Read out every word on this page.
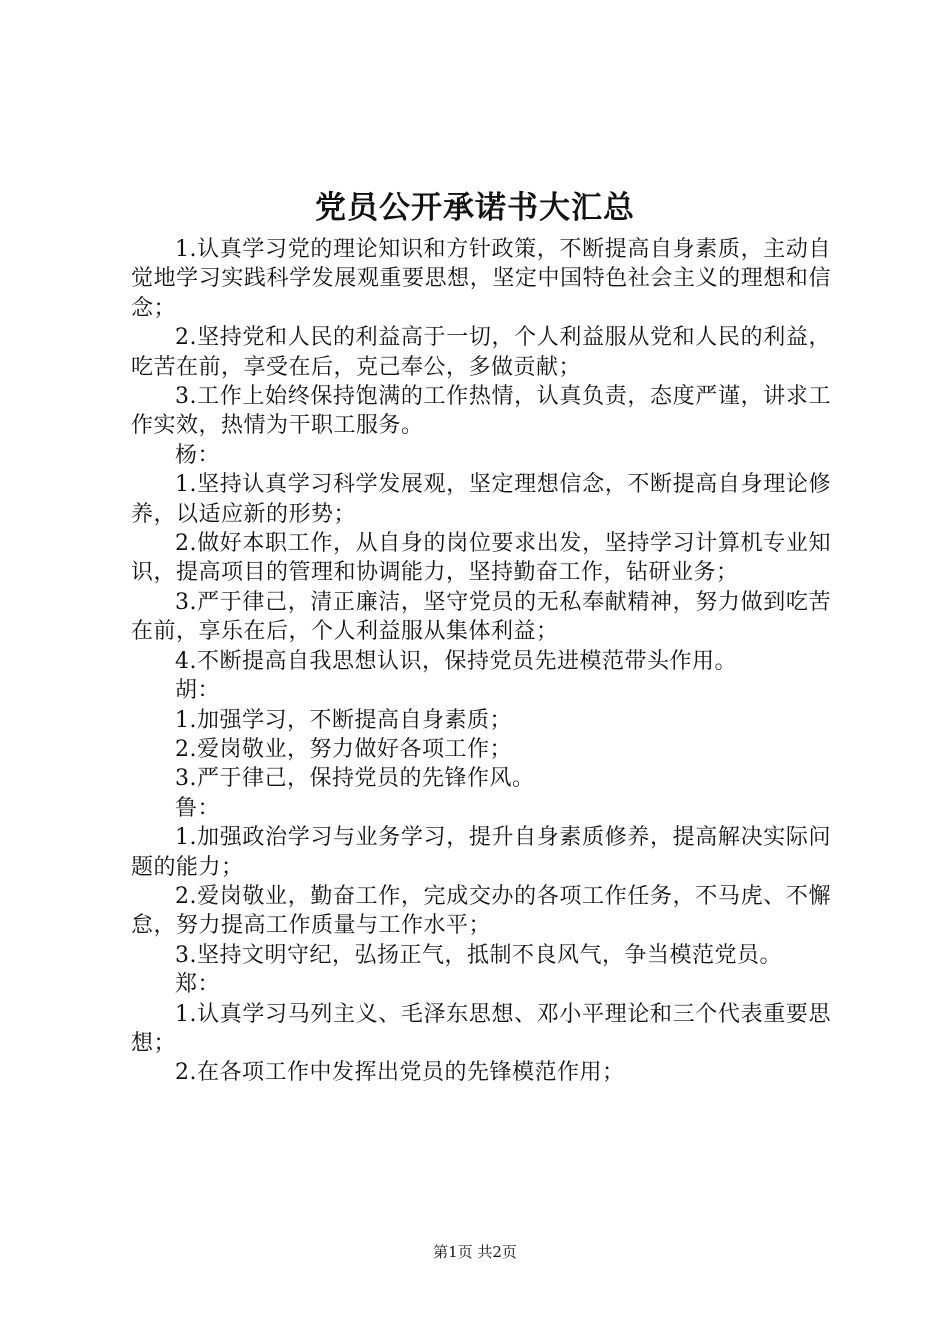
党员公开承诺书大汇总

1.认真学习党的理论知识和方针政策，不断提高自身素质，主动自觉地学习实践科学发展观重要思想，坚定中国特色社会主义的理想和信念；

2.坚持党和人民的利益高于一切，个人利益服从党和人民的利益，吃苦在前，享受在后，克己奉公，多做贡献；

3.工作上始终保持饱满的工作热情，认真负责，态度严谨，讲求工作实效，热情为干职工服务。

杨：

1.坚持认真学习科学发展观，坚定理想信念，不断提高自身理论修养，以适应新的形势；

2.做好本职工作，从自身的岗位要求出发，坚持学习计算机专业知识，提高项目的管理和协调能力，坚持勤奋工作，钻研业务；

3.严于律己，清正廉洁，坚守党员的无私奉献精神，努力做到吃苦在前，享乐在后，个人利益服从集体利益；

4.不断提高自我思想认识，保持党员先进模范带头作用。

胡：

1.加强学习，不断提高自身素质；

2.爱岗敬业，努力做好各项工作；

3.严于律己，保持党员的先锋作风。

鲁：

1.加强政治学习与业务学习，提升自身素质修养，提高解决实际问题的能力；

2.爱岗敬业，勤奋工作，完成交办的各项工作任务，不马虎、不懈怠，努力提高工作质量与工作水平；

3.坚持文明守纪，弘扬正气，抵制不良风气，争当模范党员。

郑：

1.认真学习马列主义、毛泽东思想、邓小平理论和三个代表重要思想；

2.在各项工作中发挥出党员的先锋模范作用；

第1页 共2页
